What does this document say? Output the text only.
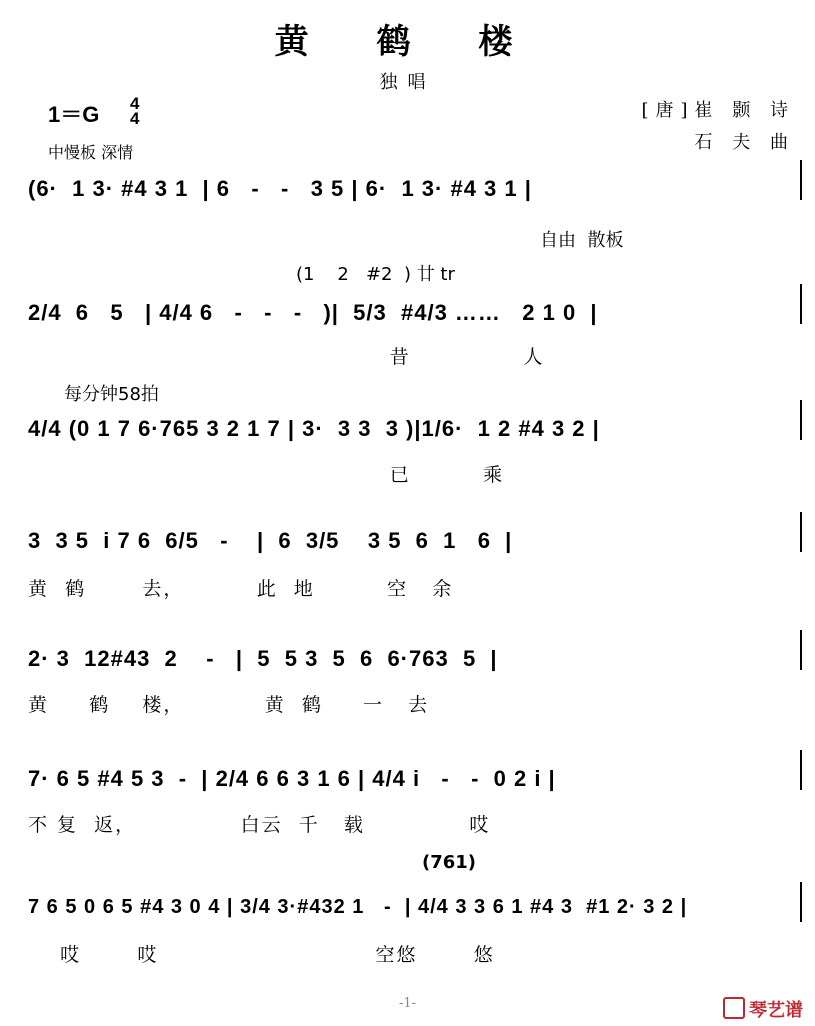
黄 鹤 楼
独唱
1＝G 4
4
中慢板 深情
[唐]崔 颢 诗
石 夫 曲
(6·  1 3· #4 3 1  | 6   -   -   3 5 | 6·  1 3· #4 3 1 |
自由  散板
(1    2   #2  ) 廿 tr
2/4  6   5   | 4/4 6   -   -   -   )|  5/3  #4/3 ……   2 1 0  |
昔              人
每分钟58拍
4/4 (0 1 7 6·765 3 2 1 7 | 3·  3 3  3 )|1/6·  1 2 #4 3 2 |
已         乘
3  3 5  i 7 6  6/5   -    |  6  3/5    3 5  6  1   6  |
黄  鹤       去，         此  地         空   余
2· 3  12#43  2    -   |  5  5 3  5  6  6·763  5  |
黄     鹤    楼，          黄  鹤     一   去
7· 6 5 #4 5 3  -  | 2/4 6 6 3 1 6 | 4/4 i   -   -  0 2 i |
不 复  返，             白云  千   载             哎
(761)
7 6 5 0 6 5 #4 3 0 4 | 3/4 3·#432 1   -  | 4/4 3 3 6 1 #4 3  #1 2· 3 2 |
哎       哎                           空悠       悠
-1-	琴艺谱
